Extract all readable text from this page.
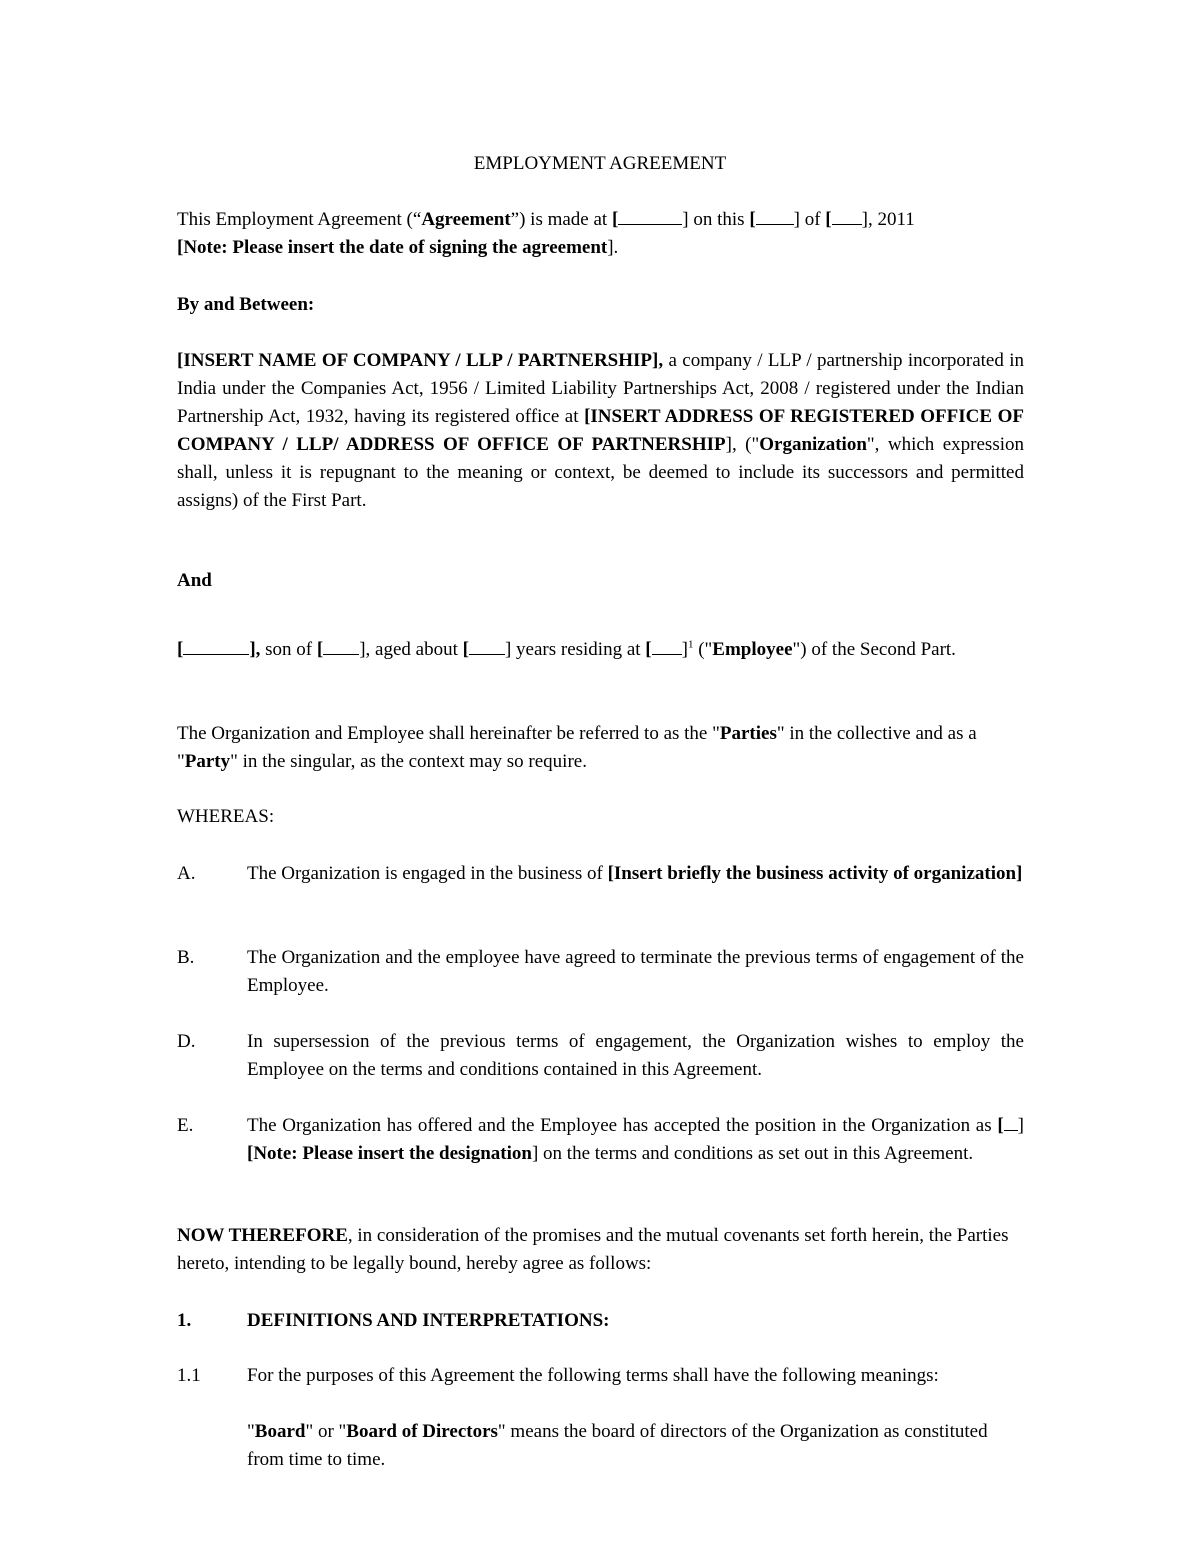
EMPLOYMENT AGREEMENT
This Employment Agreement (“Agreement”) is made at [	] on this [ ] of [ ], 2011
[Note: Please insert the date of signing the agreement].
By and Between:
[INSERT NAME OF COMPANY / LLP / PARTNERSHIP], a company / LLP / partnership incorporated in India under the Companies Act, 1956 / Limited Liability Partnerships Act, 2008 / registered under the Indian Partnership Act, 1932, having its registered office at [INSERT ADDRESS OF REGISTERED OFFICE OF COMPANY / LLP/ ADDRESS OF OFFICE OF PARTNERSHIP], ("Organization", which expression shall, unless it is repugnant to the meaning or context, be deemed to include its successors and permitted assigns) of the First Part.
And
[	], son of [ ], aged about [ ] years residing at [ ]$^1$ ("Employee") of the Second Part.
The Organization and Employee shall hereinafter be referred to as the "Parties" in the collective and as a "Party" in the singular, as the context may so require.
WHEREAS:
A.	The Organization is engaged in the business of [Insert briefly the business activity of organization]
B.	The Organization and the employee have agreed to terminate the previous terms of engagement of the Employee.
D.	In supersession of the previous terms of engagement, the Organization wishes to employ the Employee on the terms and conditions contained in this Agreement.
E.	The Organization has offered and the Employee has accepted the position in the Organization as [ ][Note: Please insert the designation] on the terms and conditions as set out in this Agreement.
NOW THEREFORE, in consideration of the promises and the mutual covenants set forth herein, the Parties hereto, intending to be legally bound, hereby agree as follows:
1.	DEFINITIONS AND INTERPRETATIONS:
1.1 For the purposes of this Agreement the following terms shall have the following meanings:
"Board" or "Board of Directors" means the board of directors of the Organization as constituted from time to time.
